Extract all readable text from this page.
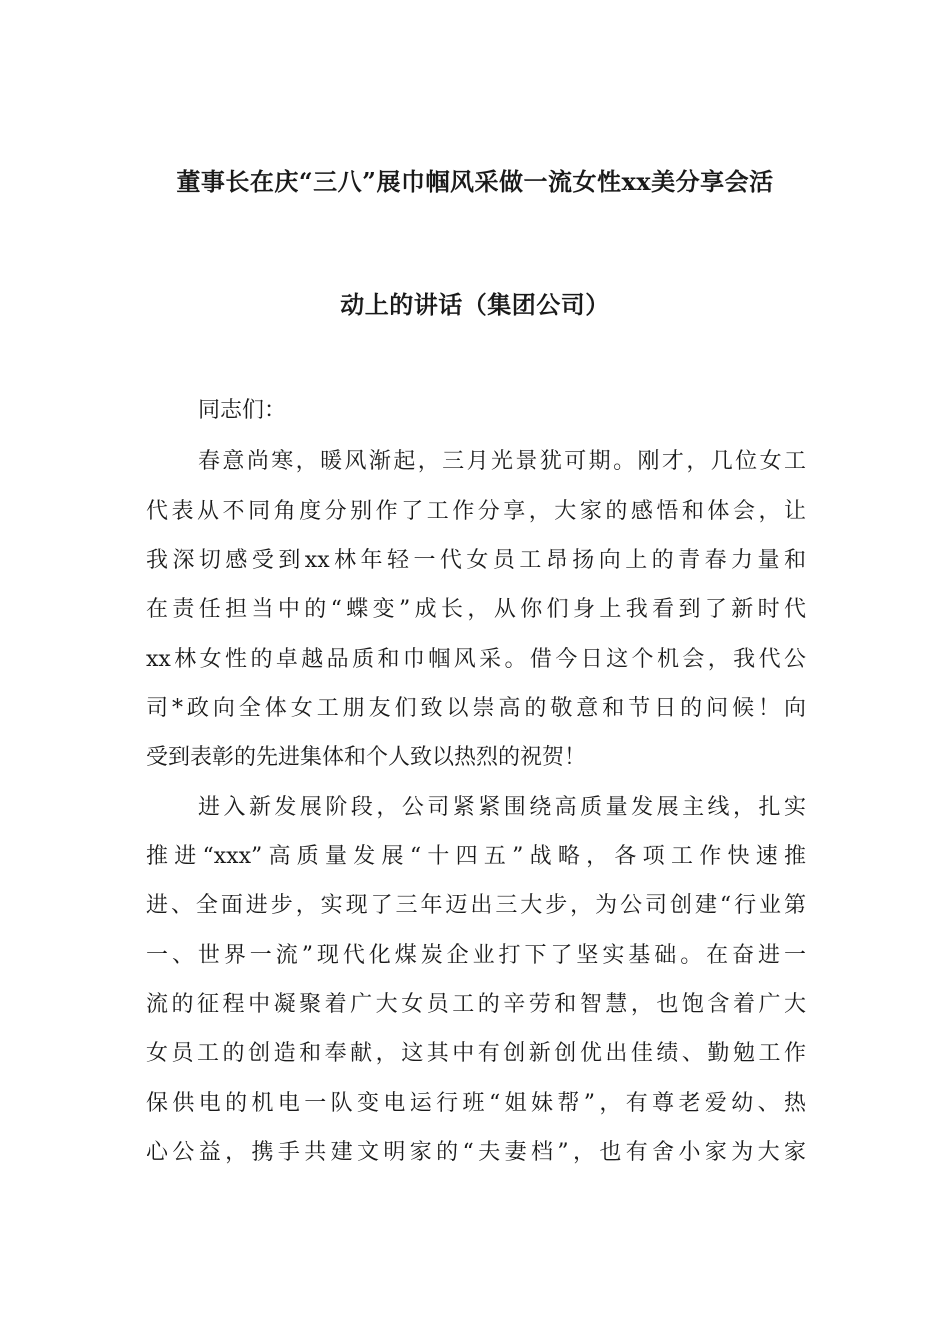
董事长在庆“三八”展巾帼风采做一流女性xx美分享会活
动上的讲话（集团公司）
同志们：
春意尚寒，暖风渐起，三月光景犹可期。刚才，几位女工
代表从不同角度分别作了工作分享，大家的感悟和体会，让
我深切感受到xx林年轻一代女员工昂扬向上的青春力量和
在责任担当中的“蝶变”成长，从你们身上我看到了新时代
xx林女性的卓越品质和巾帼风采。借今日这个机会，我代公
司*政向全体女工朋友们致以崇高的敬意和节日的问候！向
受到表彰的先进集体和个人致以热烈的祝贺！
进入新发展阶段，公司紧紧围绕高质量发展主线，扎实
推进“xxx”高质量发展“十四五”战略，各项工作快速推
进、全面进步，实现了三年迈出三大步，为公司创建“行业第
一、世界一流”现代化煤炭企业打下了坚实基础。在奋进一
流的征程中凝聚着广大女员工的辛劳和智慧，也饱含着广大
女员工的创造和奉献，这其中有创新创优出佳绩、勤勉工作
保供电的机电一队变电运行班“姐妹帮”，有尊老爱幼、热
心公益，携手共建文明家的“夫妻档”，也有舍小家为大家
